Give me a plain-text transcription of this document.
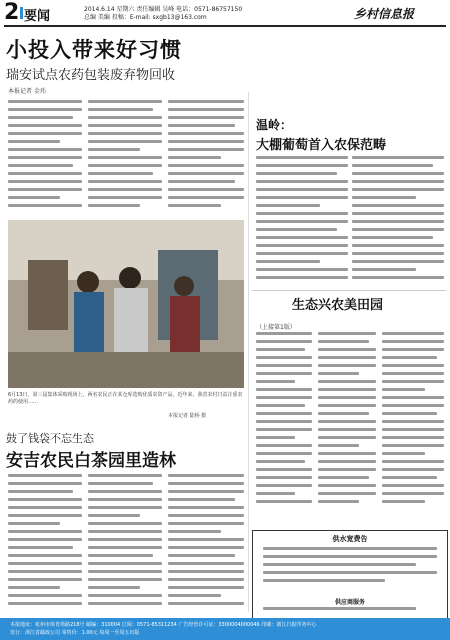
2 要闻	2014.6.14 星期六 责任编辑 吴峰 电话：0571-86757150
总编 美编 投稿：E-mail: sxgb13@163.com	乡村信息报
小投入带来好习惯
瑞安试点农药包装废弃物回收
本报记者 金玮
温岭：
大棚葡萄首入农保范畴
生态兴农美田园
（上接第1版）
供水宽费告
供应商服务
6月13日，第三届集体采购现场上，两名农民正在某仓库选购优质农资产品。近年来，我省农村日益注重农药的使用……
本报记者 陆桥 摄
鼓了钱袋不忘生态
安吉农民白茶园里造林
本报地址：杭州市体育场路218号 邮编：310004 订阅：0571-85311234 广告经营许可证：3300004000046 印刷：浙江日报印务中心
发行：浙江省邮政公司 零售价：1.00元 每周一至周五出版
